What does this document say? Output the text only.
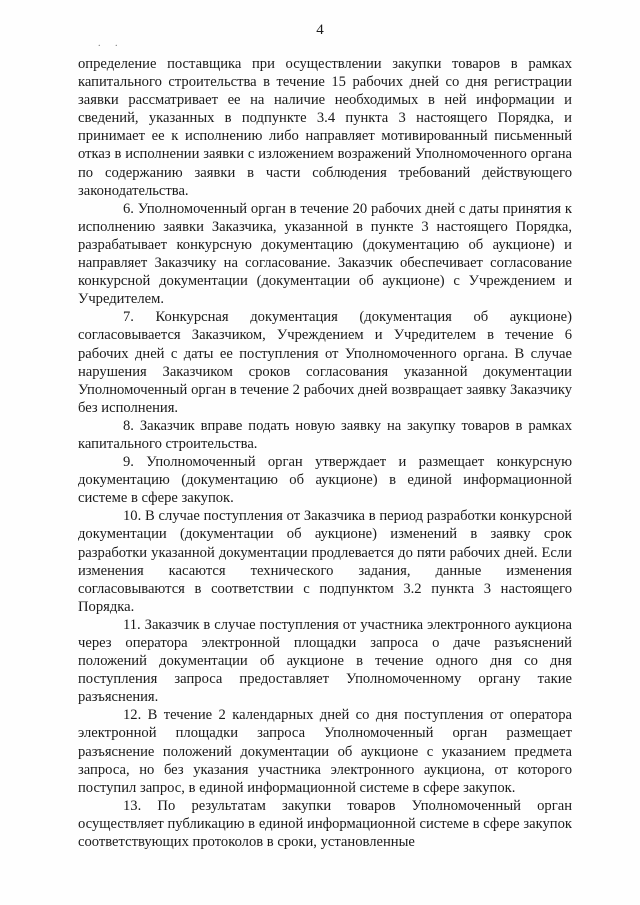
4
. .

определение поставщика при осуществлении закупки товаров в рамках капитального строительства в течение 15 рабочих дней со дня регистрации заявки рассматривает ее на наличие необходимых в ней информации и сведений, указанных в подпункте 3.4 пункта 3 настоящего Порядка, и принимает ее к исполнению либо направляет мотивированный письменный отказ в исполнении заявки с изложением возражений Уполномоченного органа по содержанию заявки в части соблюдения требований действующего законодательства.

6. Уполномоченный орган в течение 20 рабочих дней с даты принятия к исполнению заявки Заказчика, указанной в пункте 3 настоящего Порядка, разрабатывает конкурсную документацию (документацию об аукционе) и направляет Заказчику на согласование. Заказчик обеспечивает согласование конкурсной документации (документации об аукционе) с Учреждением и Учредителем.

7. Конкурсная документация (документация об аукционе) согласовывается Заказчиком, Учреждением и Учредителем в течение 6 рабочих дней с даты ее поступления от Уполномоченного органа. В случае нарушения Заказчиком сроков согласования указанной документации Уполномоченный орган в течение 2 рабочих дней возвращает заявку Заказчику без исполнения.

8. Заказчик вправе подать новую заявку на закупку товаров в рамках капитального строительства.

9. Уполномоченный орган утверждает и размещает конкурсную документацию (документацию об аукционе) в единой информационной системе в сфере закупок.

10. В случае поступления от Заказчика в период разработки конкурсной документации (документации об аукционе) изменений в заявку срок разработки указанной документации продлевается до пяти рабочих дней. Если изменения касаются технического задания, данные изменения согласовываются в соответствии с подпунктом 3.2 пункта 3 настоящего Порядка.

11. Заказчик в случае поступления от участника электронного аукциона через оператора электронной площадки запроса о даче разъяснений положений документации об аукционе в течение одного дня со дня поступления запроса предоставляет Уполномоченному органу такие разъяснения.

12. В течение 2 календарных дней со дня поступления от оператора электронной площадки запроса Уполномоченный орган размещает разъяснение положений документации об аукционе с указанием предмета запроса, но без указания участника электронного аукциона, от которого поступил запрос, в единой информационной системе в сфере закупок.

13. По результатам закупки товаров Уполномоченный орган осуществляет публикацию в единой информационной системе в сфере закупок соответствующих протоколов в сроки, установленные
